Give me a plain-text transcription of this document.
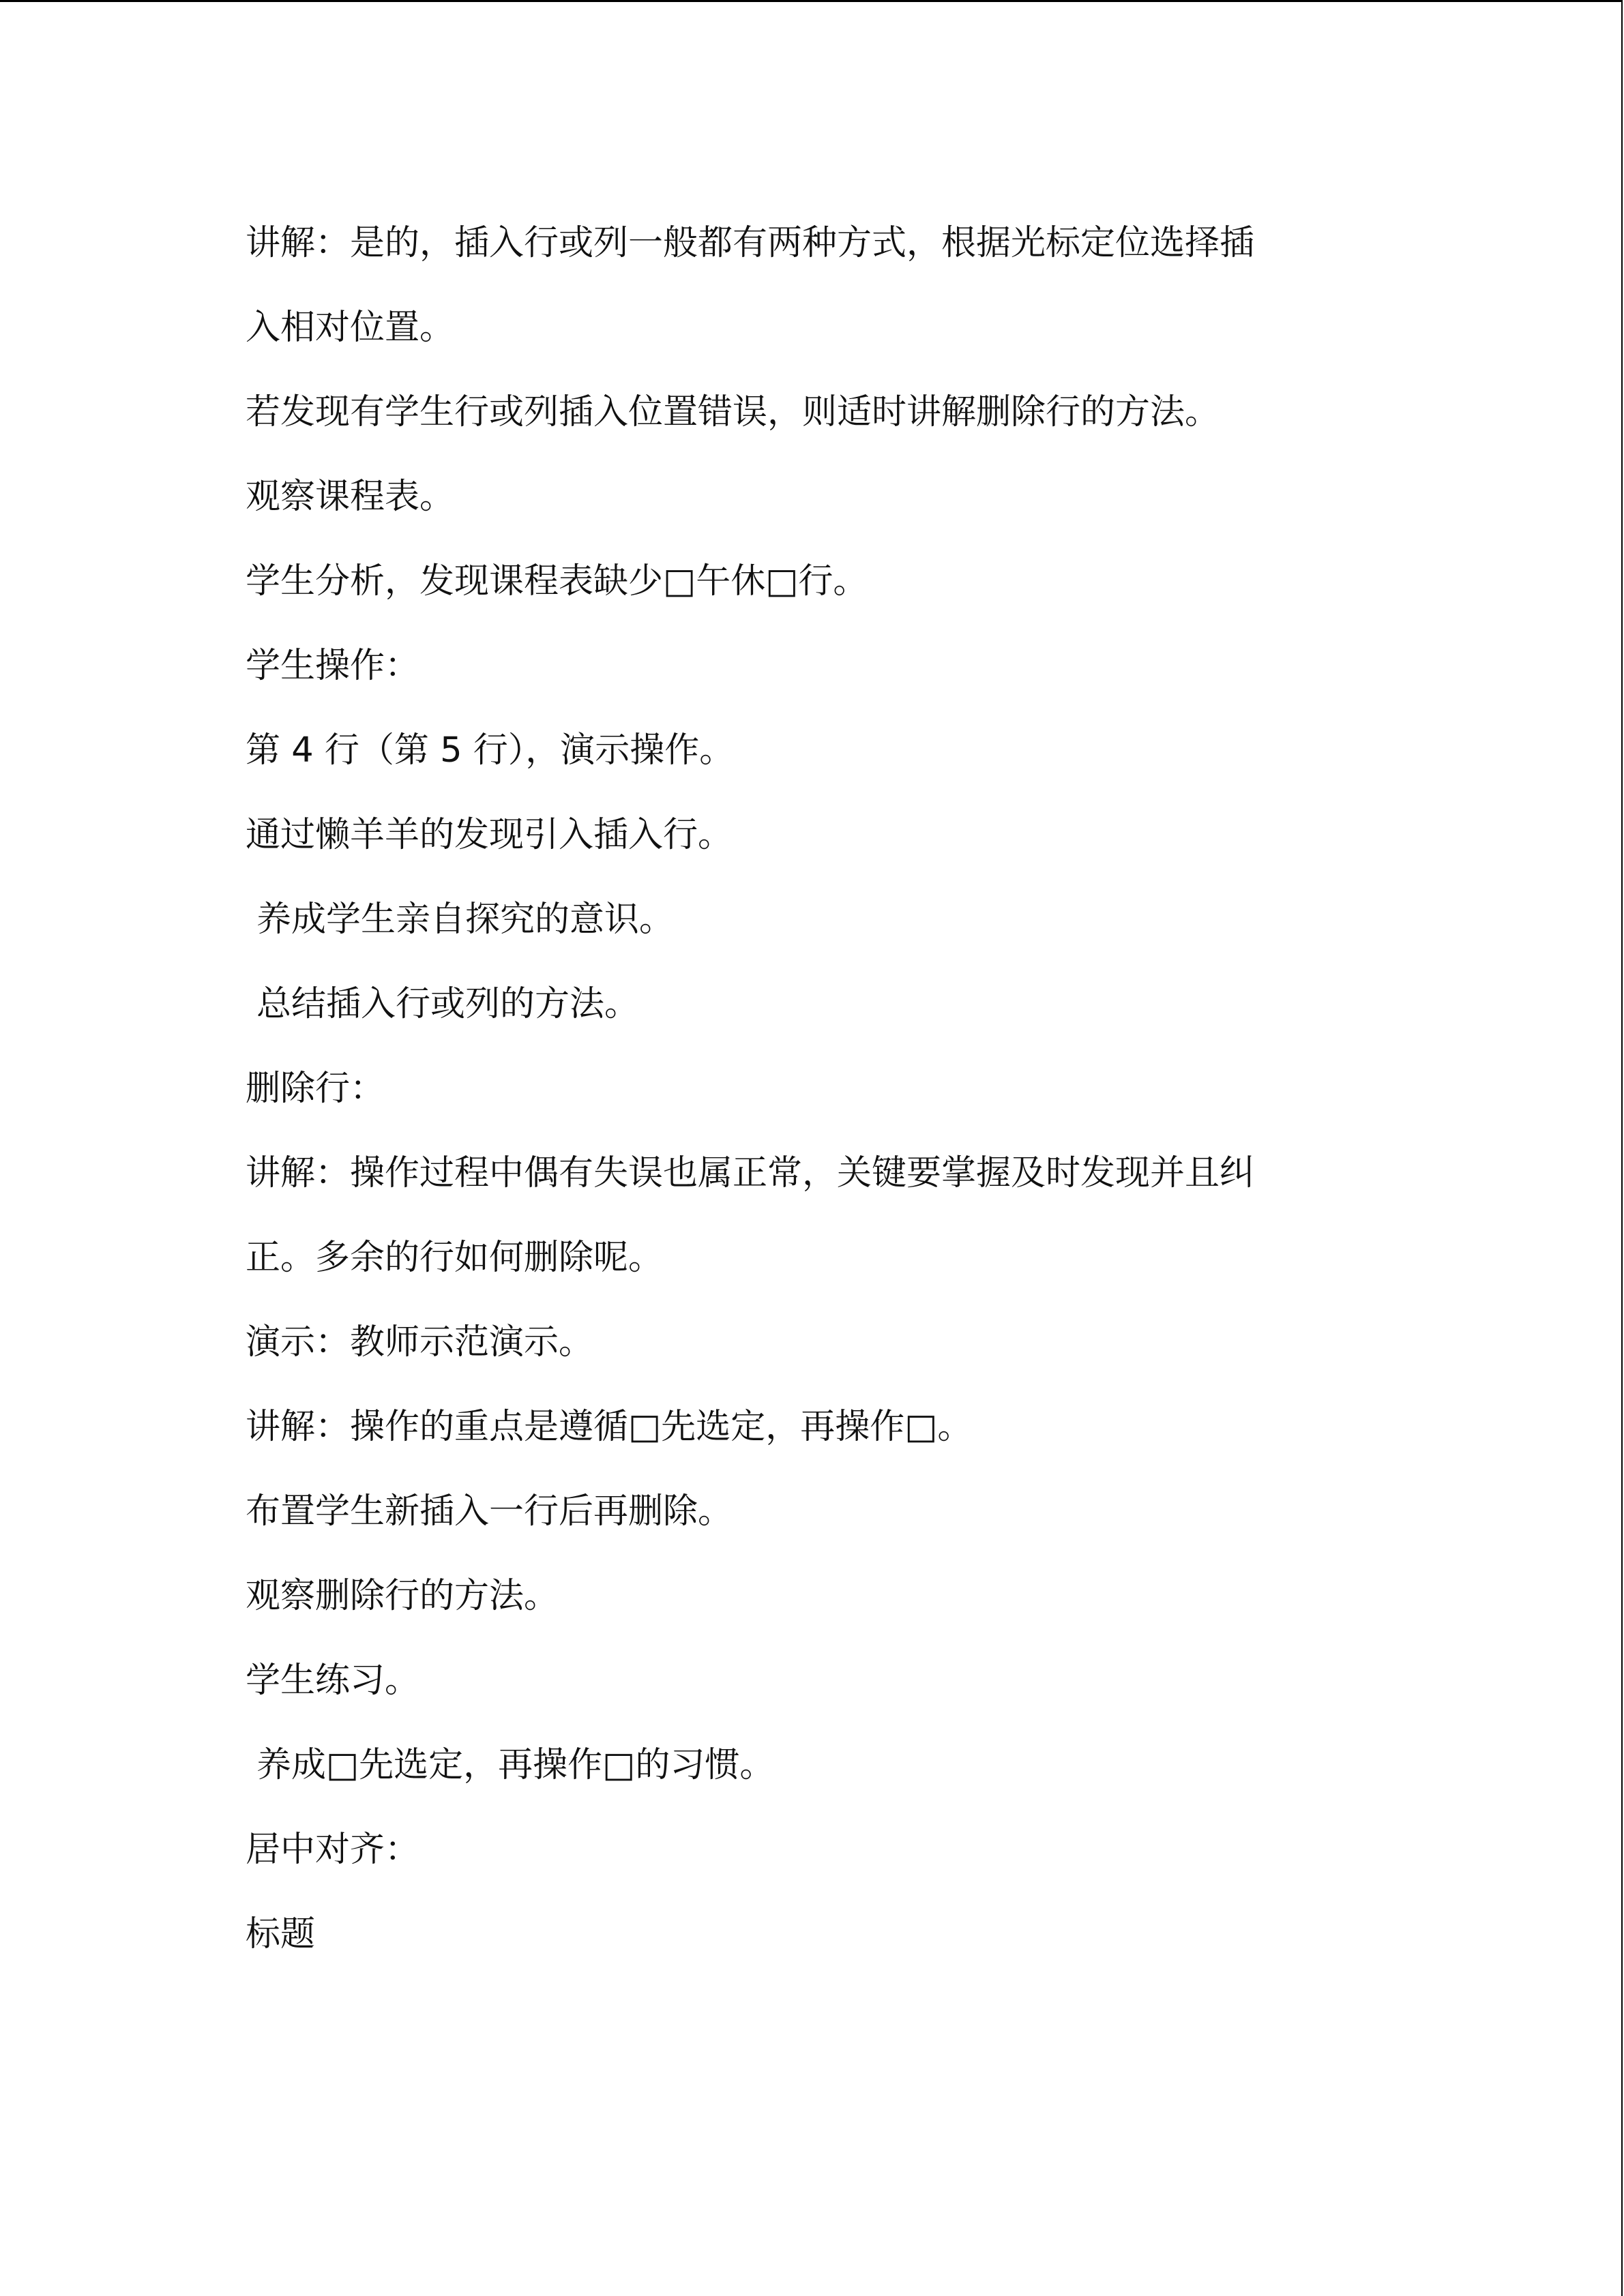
讲解：是的，插入行或列一般都有两种方式，根据光标定位选择插
入相对位置。
若发现有学生行或列插入位置错误，则适时讲解删除行的方法。
观察课程表。
学生分析，发现课程表缺少□午休□行。
学生操作：
第 4 行（第 5 行），演示操作。
通过懒羊羊的发现引入插入行。
养成学生亲自探究的意识。
总结插入行或列的方法。
删除行：
讲解：操作过程中偶有失误也属正常，关键要掌握及时发现并且纠
正。多余的行如何删除呢。
演示：教师示范演示。
讲解：操作的重点是遵循□先选定，再操作□。
布置学生新插入一行后再删除。
观察删除行的方法。
学生练习。
养成□先选定，再操作□的习惯。
居中对齐：
标题
